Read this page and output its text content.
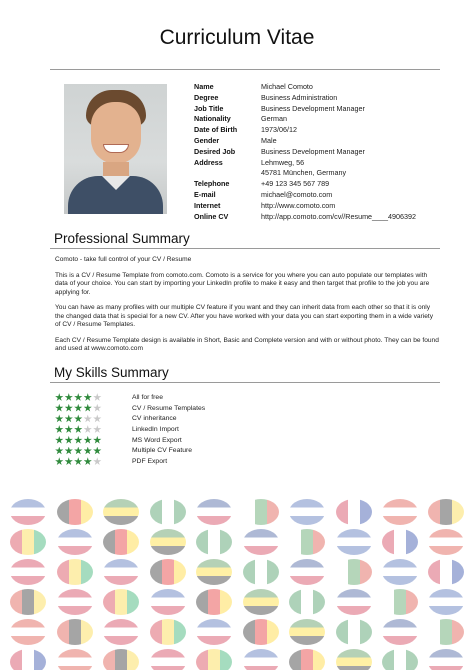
Curriculum Vitae
Name	Michael Comoto
Degree	Business Administration
Job Title	Business Development Manager
Nationality	German
Date of Birth	1973/06/12
Gender	Male
Desired Job	Business Development Manager
Address	Lehmweg, 56
45781 München, Germany
Telephone	+49 123 345 567 789
E-mail	michael@comoto.com
Internet	http://www.comoto.com
Online CV	http://app.comoto.com/cv//Resume____4906392
Professional Summary

Comoto - take full control of your CV / Resume

This is a CV / Resume Template from comoto.com. Comoto is a service for you where you can auto populate our templates with data of your choice. You can start by importing your LinkedIn profile to make it easy and then target that profile to the job you are applying for.

You can have as many profiles with our multiple CV feature if you want and they can inherit data from each other so that it is only the changed data that is special for a new CV. After you have worked with your data you can start exporting them in a wide variety of CV / Resume Templates.

Each CV / Resume Template design is available in Short, Basic and Complete version and with or without photo. They can be found and used at www.comoto.com

My Skills Summary
All for free
CV / Resume Templates
CV inheritance
LinkedIn Import
MS Word Export
Multiple CV Feature
PDF Export
